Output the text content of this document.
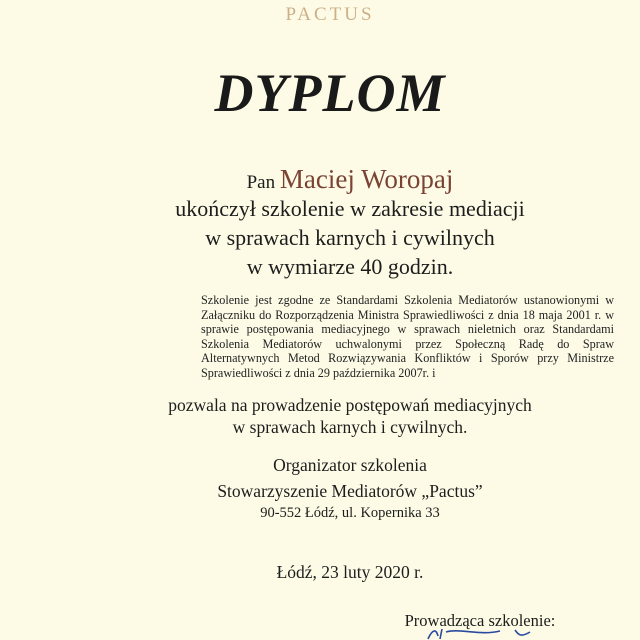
PACTUS
DYPLOM
Pan Maciej Woropaj
ukończył szkolenie w zakresie mediacji
w sprawach karnych i cywilnych
w wymiarze 40 godzin.
Szkolenie jest zgodne ze Standardami Szkolenia Mediatorów ustanowionymi w Załączniku do Rozporządzenia Ministra Sprawiedliwości z dnia 18 maja 2001 r. w sprawie postępowania mediacyjnego w sprawach nieletnich oraz Standardami Szkolenia Mediatorów uchwalonymi przez Społeczną Radę do Spraw Alternatywnych Metod Rozwiązywania Konfliktów i Sporów przy Ministrze Sprawiedliwości z dnia 29 października 2007r. i
pozwala na prowadzenie postępowań mediacyjnych
w sprawach karnych i cywilnych.
Organizator szkolenia
Stowarzyszenie Mediatorów „Pactus”
90-552 Łódź, ul. Kopernika 33
Łódź, 23 luty 2020 r.
Prowadząca szkolenie:
